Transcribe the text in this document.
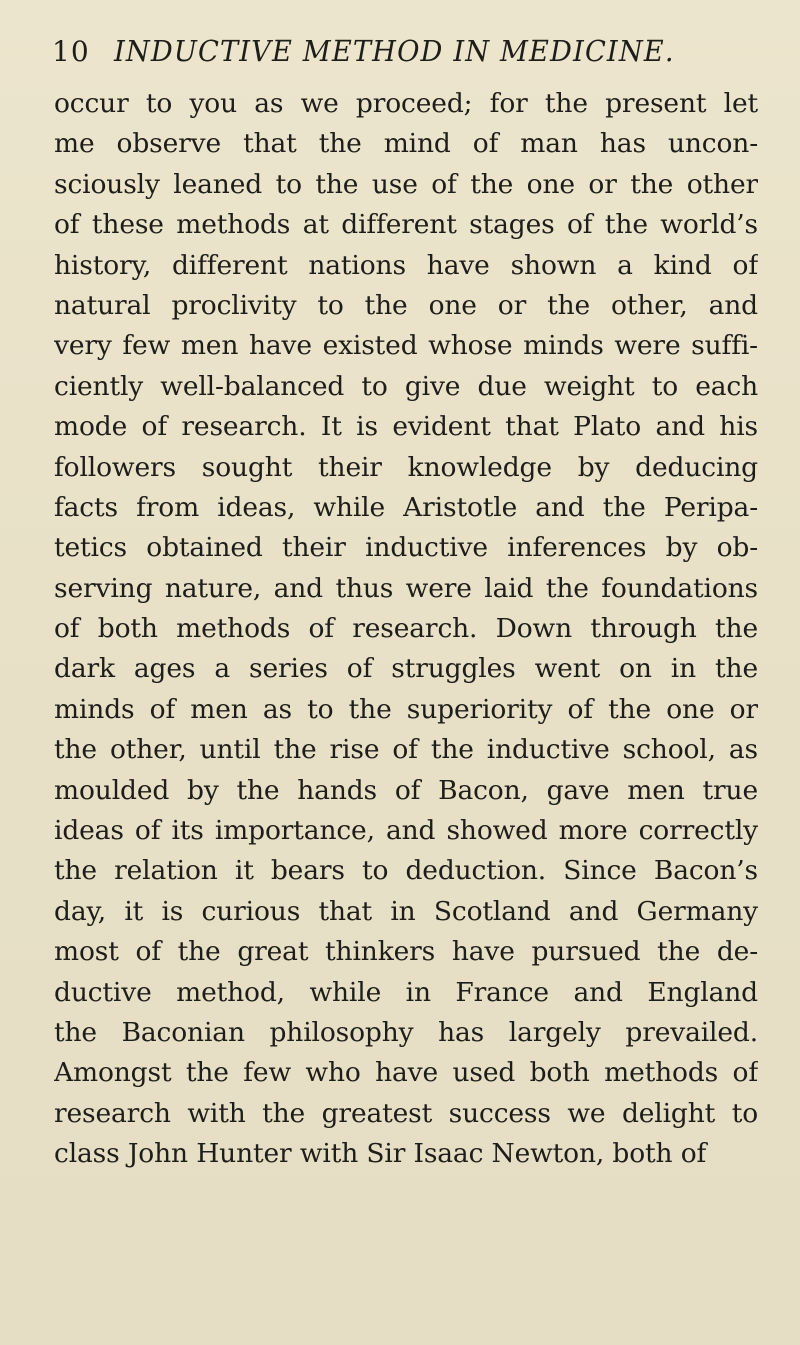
10 INDUCTIVE METHOD IN MEDICINE.
occur to you as we proceed; for the present let
me observe that the mind of man has uncon-
sciously leaned to the use of the one or the other
of these methods at different stages of the world’s
history, different nations have shown a kind of
natural proclivity to the one or the other, and
very few men have existed whose minds were suffi-
ciently well-balanced to give due weight to each
mode of research. It is evident that Plato and his
followers sought their knowledge by deducing
facts from ideas, while Aristotle and the Peripa-
tetics obtained their inductive inferences by ob-
serving nature, and thus were laid the foundations
of both methods of research. Down through the
dark ages a series of struggles went on in the
minds of men as to the superiority of the one or
the other, until the rise of the inductive school, as
moulded by the hands of Bacon, gave men true
ideas of its importance, and showed more correctly
the relation it bears to deduction. Since Bacon’s
day, it is curious that in Scotland and Germany
most of the great thinkers have pursued the de-
ductive method, while in France and England
the Baconian philosophy has largely prevailed.
Amongst the few who have used both methods of
research with the greatest success we delight to
class John Hunter with Sir Isaac Newton, both of
